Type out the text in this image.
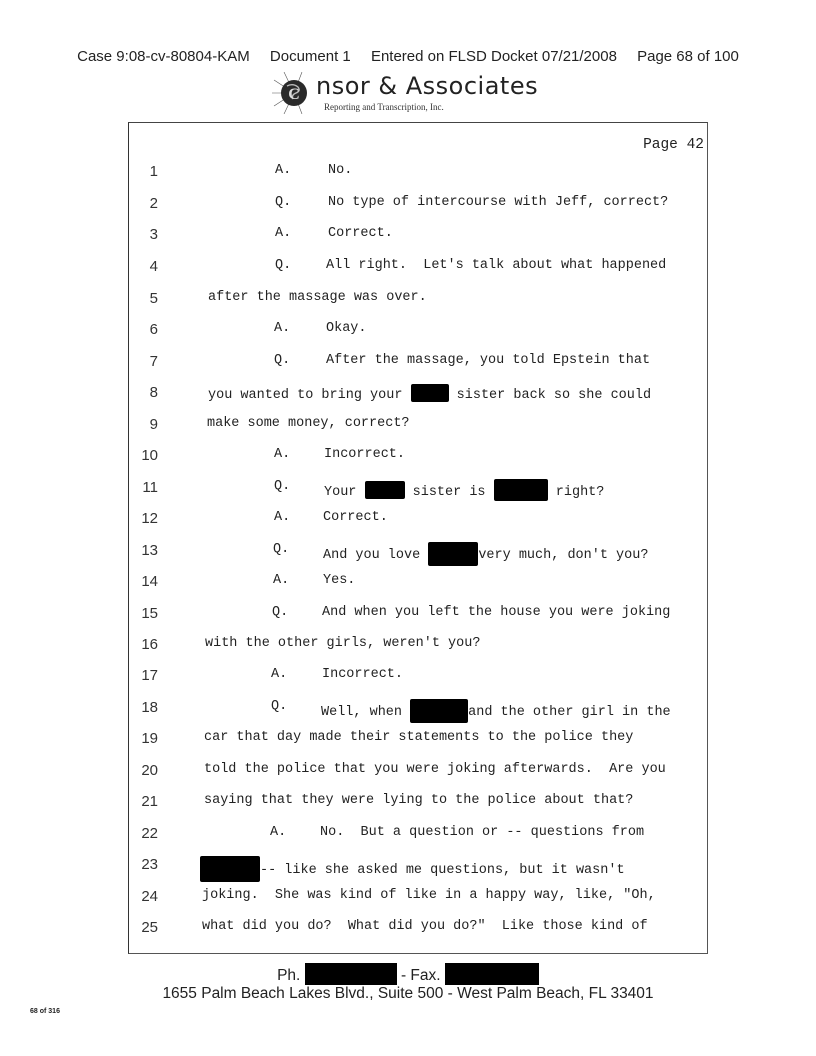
Case 9:08-cv-80804-KAM Document 1 Entered on FLSD Docket 07/21/2008 Page 68 of 100
C nsor & Associates
Reporting and Transcription, Inc.
Page 42
1	A.	No.
2	Q.	No type of intercourse with Jeff, correct?
3	A.	Correct.
4	Q.	All right.  Let's talk about what happened
5	after the massage was over.
6	A.	Okay.
7	Q.	After the massage, you told Epstein that
8	you wanted to bring your	sister back so she could
9	make some money, correct?
10	A.	Incorrect.
11	Q.	Your	sister is	right?
12	A. Correct.
13	Q.	And you love	very much, don't you?
14	A.	Yes.
15	Q.	And when you left the house you were joking
16	with the other girls, weren't you?
17	A.	Incorrect.
18	Q.	Well, when	and the other girl in the
19	car that day made their statements to the police they
20	told the police that you were joking afterwards.  Are you
21	saying that they were lying to the police about that?
22	A.	No.  But a question or -- questions from
23	-- like she asked me questions, but it wasn't
24	joking.  She was kind of like in a happy way, like, "Oh,
25	what did you do?  What did you do?"  Like those kind of
Ph.	- Fax.
1655 Palm Beach Lakes Blvd., Suite 500 - West Palm Beach, FL 33401
68 of 316
